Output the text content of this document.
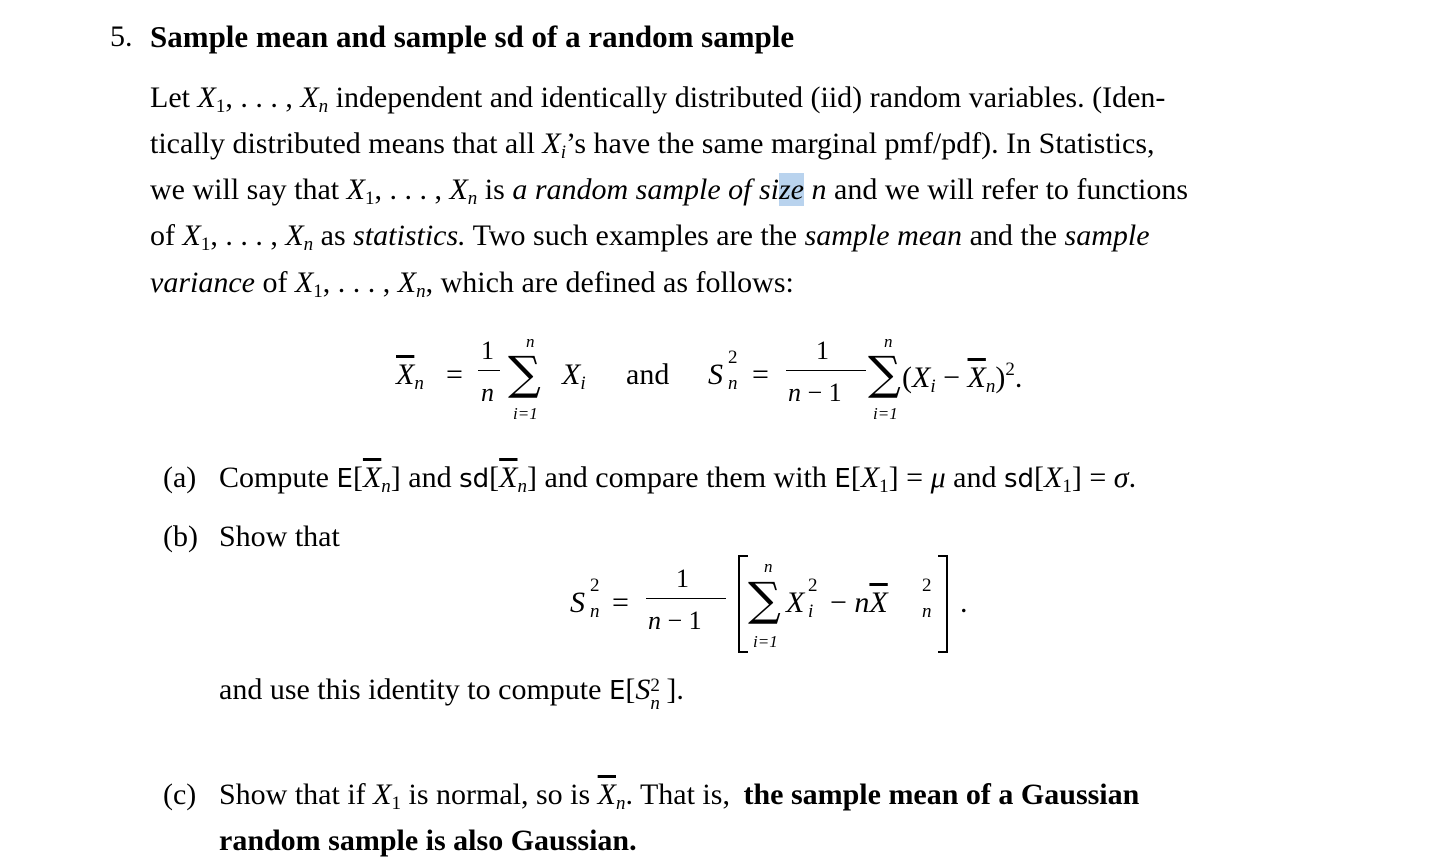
5. Sample mean and sample sd of a random sample
Let $X_1$, . . . , $X_n$ independent and identically distributed (iid) random variables. (Iden-
tically distributed means that all $X_i’s$ have the same marginal pmf/pdf). In Statistics,
we will say that $X_1$, . . . , $X_n$ is a random sample of size n and we will refer to functions
of $X_1$, . . . , $X_n$ as statistics. Two such examples are the sample mean and the sample
variance of $X_1$, . . . , $X_n$, which are defined as follows:
$\overline{X}_n$ =
1
n
n
∑
i=1
$X_i$ and S
2
n =
1
n − 1
n
∑
i=1
$(X_i - \overline{X}_n)^2$.
(a) Compute $E[\overline{X}_n]$ and $sd[\overline{X}_n]$ and compare them with $E[X_1] = \mu$ and $sd[X_1] = \sigma$.
(b) Show that
S
2
n =
1
n − 1
n
∑
i=1
X
2
$i - n\overline{X}$
2
n .
and use this identity to compute E[S 2
n ].
(c) Show that if $X_1$ is normal, so is $\overline{X}_n$. That is, the sample mean of a Gaussian
random sample is also Gaussian.
